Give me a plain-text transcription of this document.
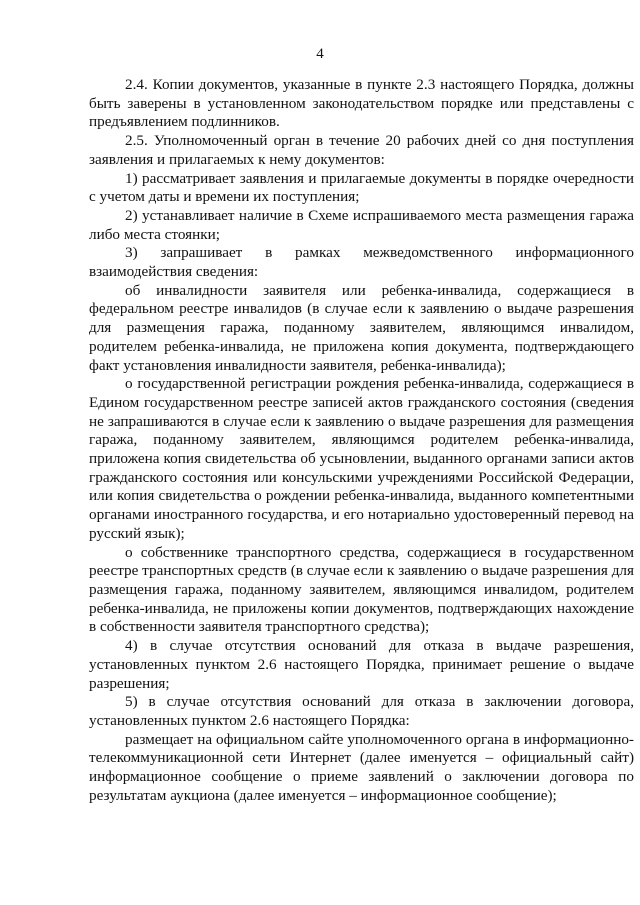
4

2.4. Копии документов, указанные в пункте 2.3 настоящего Порядка, должны быть заверены в установленном законодательством порядке или представлены с предъявлением подлинников.

2.5. Уполномоченный орган в течение 20 рабочих дней со дня поступления заявления и прилагаемых к нему документов:

1) рассматривает заявления и прилагаемые документы в порядке очередности с учетом даты и времени их поступления;

2) устанавливает наличие в Схеме испрашиваемого места размещения гаража либо места стоянки;

3) запрашивает в рамках межведомственного информационного взаимодействия сведения:

об инвалидности заявителя или ребенка-инвалида, содержащиеся в федеральном реестре инвалидов (в случае если к заявлению о выдаче разрешения для размещения гаража, поданному заявителем, являющимся инвалидом, родителем ребенка-инвалида, не приложена копия документа, подтверждающего факт установления инвалидности заявителя, ребенка-инвалида);

о государственной регистрации рождения ребенка-инвалида, содержащиеся в Едином государственном реестре записей актов гражданского состояния (сведения не запрашиваются в случае если к заявлению о выдаче разрешения для размещения гаража, поданному заявителем, являющимся родителем ребенка-инвалида, приложена копия свидетельства об усыновлении, выданного органами записи актов гражданского состояния или консульскими учреждениями Российской Федерации, или копия свидетельства о рождении ребенка-инвалида, выданного компетентными органами иностранного государства, и его нотариально удостоверенный перевод на русский язык);

о собственнике транспортного средства, содержащиеся в государственном реестре транспортных средств (в случае если к заявлению о выдаче разрешения для размещения гаража, поданному заявителем, являющимся инвалидом, родителем ребенка-инвалида, не приложены копии документов, подтверждающих нахождение в собственности заявителя транспортного средства);

4) в случае отсутствия оснований для отказа в выдаче разрешения, установленных пунктом 2.6 настоящего Порядка, принимает решение о выдаче разрешения;

5) в случае отсутствия оснований для отказа в заключении договора, установленных пунктом 2.6 настоящего Порядка:

размещает на официальном сайте уполномоченного органа в информационно-телекоммуникационной сети Интернет (далее именуется – официальный сайт) информационное сообщение о приеме заявлений о заключении договора по результатам аукциона (далее именуется – информационное сообщение);
